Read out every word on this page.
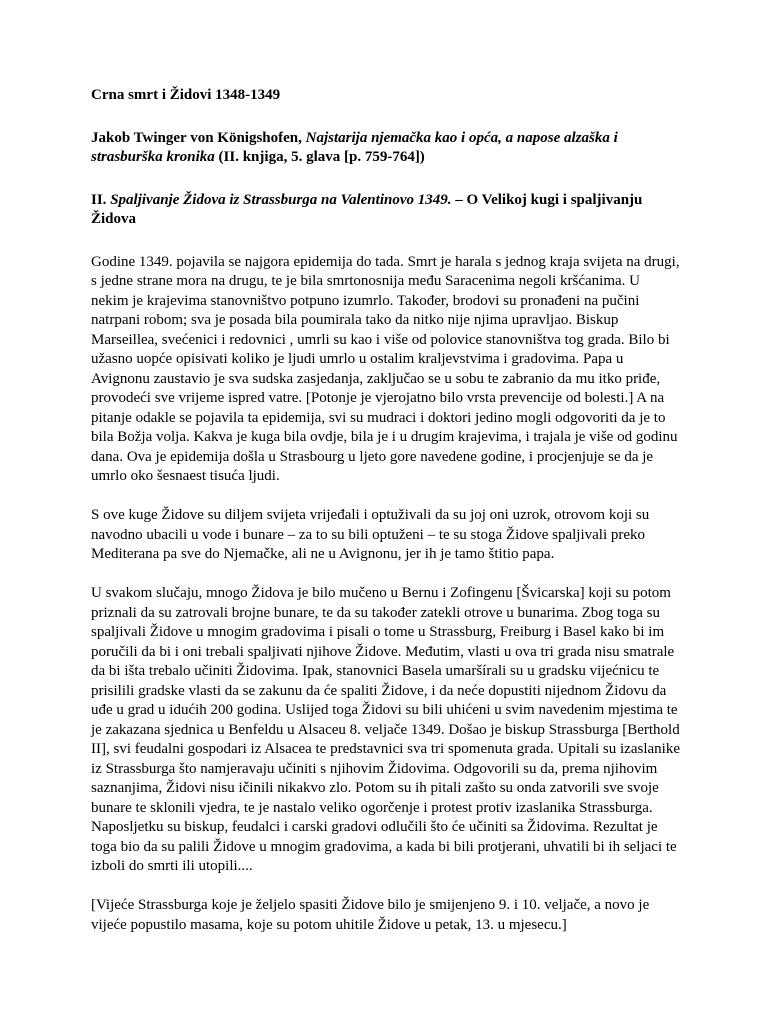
Crna smrt i Židovi 1348-1349
Jakob Twinger von Königshofen, Najstarija njemačka kao i opća, a napose alzaška i strasburška kronika (II. knjiga, 5. glava [p. 759-764])
II. Spaljivanje Židova iz Strassburga na Valentinovo 1349. – O Velikoj kugi i spaljivanju Židova

Godine 1349. pojavila se najgora epidemija do tada. Smrt je harala s jednog kraja svijeta na drugi, s jedne strane mora na drugu, te je bila smrtonosnija među Saracenima negoli kršćanima. U nekim je krajevima stanovništvo potpuno izumrlo. Također, brodovi su pronađeni na pučini natrpani robom; sva je posada bila poumirala tako da nitko nije njima upravljao. Biskup Marseillea, svećenici i redovnici , umrli su kao i više od polovice stanovništva tog grada. Bilo bi užasno uopće opisivati koliko je ljudi umrlo u ostalim kraljevstvima i gradovima. Papa u Avignonu zaustavio je sva sudska zasjedanja, zaključao se u sobu te zabranio da mu itko priđe, provodeći sve vrijeme ispred vatre. [Potonje je vjerojatno bilo vrsta prevencije od bolesti.] A na pitanje odakle se pojavila ta epidemija, svi su mudraci i doktori jedino mogli odgovoriti da je to bila Božja volja. Kakva je kuga bila ovdje, bila je i u drugim krajevima, i trajala je više od godinu dana. Ova je epidemija došla u Strasbourg u ljeto gore navedene godine, i procjenjuje se da je umrlo oko šesnaest tisuća ljudi.

S ove kuge Židove su diljem svijeta vrijeđali i optuživali da su joj oni uzrok, otrovom koji su navodno ubacili u vode i bunare – za to su bili optuženi – te su stoga Židove spaljivali preko Mediterana pa sve do Njemačke, ali ne u Avignonu, jer ih je tamo štitio papa.

U svakom slučaju, mnogo Židova je bilo mučeno u Bernu i Zofingenu [Švicarska] koji su potom priznali da su zatrovali brojne bunare, te da su također zatekli otrove u bunarima. Zbog toga su spaljivali Židove u mnogim gradovima i pisali o tome u Strassburg, Freiburg i Basel kako bi im poručili da bi i oni trebali spaljivati njihove Židove. Međutim, vlasti u ova tri grada nisu smatrale da bi išta trebalo učiniti Židovima. Ipak, stanovnici Basela umaršírali su u gradsku vijećnicu te prisilili gradske vlasti da se zakunu da će spaliti Židove, i da neće dopustiti nijednom Židovu da uđe u grad u idućih 200 godina. Uslijed toga Židovi su bili uhićeni u svim navedenim mjestima te je zakazana sjednica u Benfeldu u Alsaceu 8. veljače 1349. Došao je biskup Strassburga [Berthold II], svi feudalni gospodari iz Alsacea te predstavnici sva tri spomenuta grada. Upitali su izaslanike iz Strassburga što namjeravaju učiniti s njihovim Židovima. Odgovorili su da, prema njihovim saznanjima, Židovi nisu ičinili nikakvo zlo. Potom su ih pitali zašto su onda zatvorili sve svoje bunare te sklonili vjedra, te je nastalo veliko ogorčenje i protest protiv izaslanika Strassburga. Naposljetku su biskup, feudalci i carski gradovi odlučili što će učiniti sa Židovima. Rezultat je toga bio da su palili Židove u mnogim gradovima, a kada bi bili protjerani, uhvatili bi ih seljaci te izboli do smrti ili utopili....

[Vijeće Strassburga koje je željelo spasiti Židove bilo je smijenjeno 9. i 10. veljače, a novo je vijeće popustilo masama, koje su potom uhitile Židove u petak, 13. u mjesecu.]
